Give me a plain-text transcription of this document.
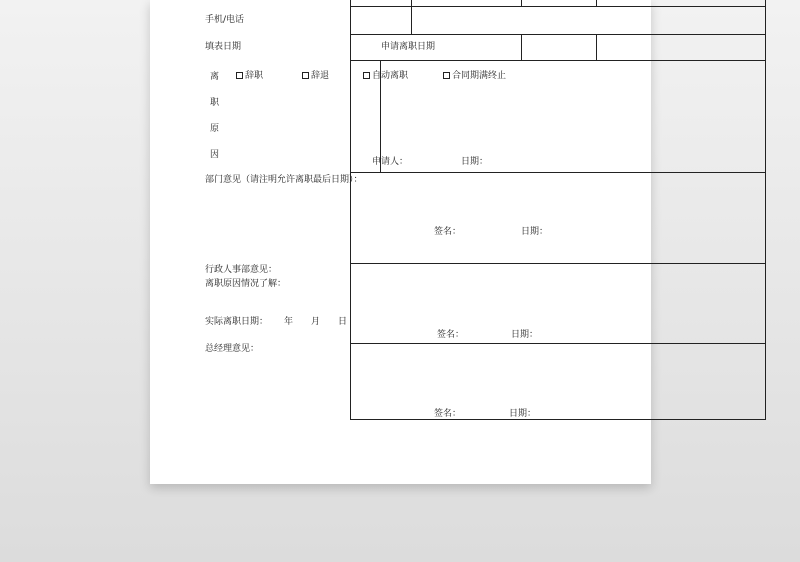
手机/电话
填表日期	申请离职日期
离
职
原
因
辞职	辞退	自动离职	合同期满终止
申请人：	日期：
部门意见（请注明允许离职最后日期）：
签名：	日期：
行政人事部意见：
离职原因情况了解：
实际离职日期： 年 月 日
签名：	日期：
总经理意见：
签名：	日期：
